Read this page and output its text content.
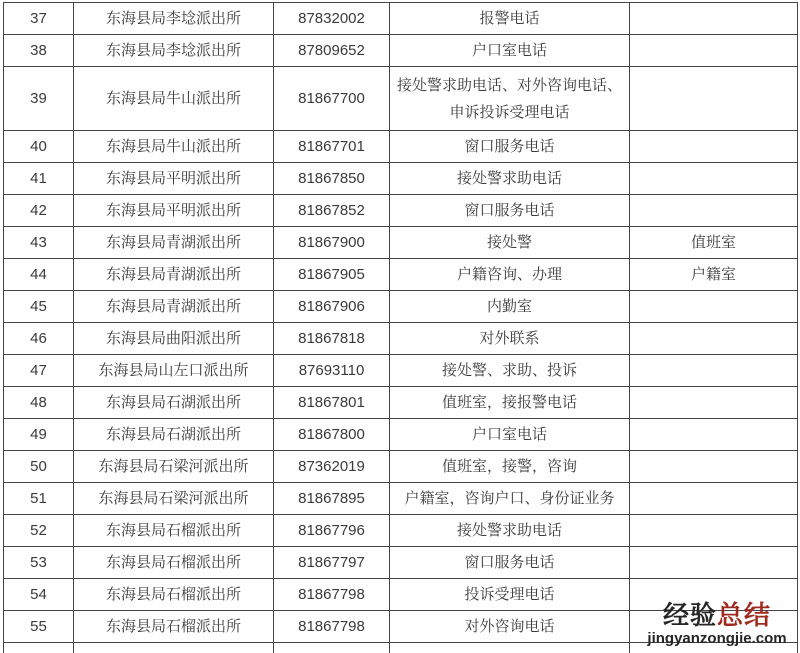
37	东海县局李埝派出所	87832002	报警电话	
38	东海县局李埝派出所	87809652	户口室电话	
39	东海县局牛山派出所	81867700	接处警求助电话、对外咨询电话、申诉投诉受理电话	
40	东海县局牛山派出所	81867701	窗口服务电话	
41	东海县局平明派出所	81867850	接处警求助电话	
42	东海县局平明派出所	81867852	窗口服务电话	
43	东海县局青湖派出所	81867900	接处警	值班室
44	东海县局青湖派出所	81867905	户籍咨询、办理	户籍室
45	东海县局青湖派出所	81867906	内勤室	
46	东海县局曲阳派出所	81867818	对外联系	
47	东海县局山左口派出所	87693110	接处警、求助、投诉	
48	东海县局石湖派出所	81867801	值班室，接报警电话	
49	东海县局石湖派出所	81867800	户口室电话	
50	东海县局石梁河派出所	87362019	值班室，接警，咨询	
51	东海县局石梁河派出所	81867895	户籍室，咨询户口、身份证业务	
52	东海县局石榴派出所	81867796	接处警求助电话	
53	东海县局石榴派出所	81867797	窗口服务电话	
54	东海县局石榴派出所	81867798	投诉受理电话	
55	东海县局石榴派出所	81867798	对外咨询电话	
					经验总结
jingyanzongjie.com
